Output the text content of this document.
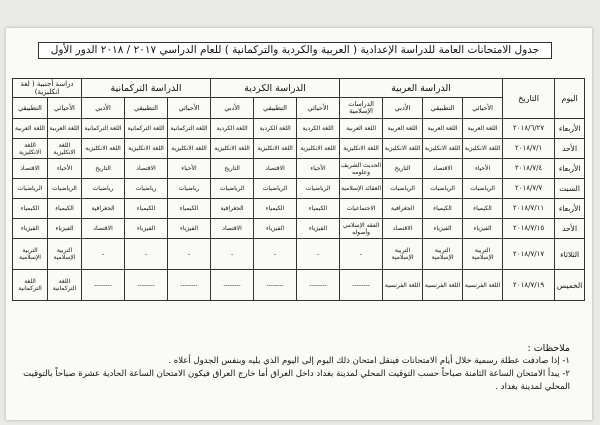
جدول الامتحانات العامة للدراسة الإعدادية ( العربية والكردية والتركمانية ) للعام الدراسي ٢٠١٧ / ٢٠١٨ الدور الأول
اليوم	التاريخ	الدراسة العربية				الدراسة الكردية			الدراسة التركمانية			دراسة أجنبية ( لغة انكليزية)	
		الأحيائي	التطبيقي	الأدبي	الدراسات الإسلامية	الأحيائي	التطبيقي	الأدبي	الأحيائي	التطبيقي	الأدبي	الأحيائي	التطبيقي
الأربعاء	٢٠١٨/٦/٢٧	اللغة العربية	اللغة العربية	اللغة العربية	اللغة العربية	اللغة الكردية	اللغة الكردية	اللغة الكردية	اللغة التركمانية	اللغة التركمانية	اللغة التركمانية	اللغة العربية	اللغة العربية
الأحد	٢٠١٨/٧/١	اللغة الانكليزية	اللغة الانكليزية	اللغة الانكليزية	اللغة الانكليزية	اللغة الانكليزية	اللغة الانكليزية	اللغة الانكليزية	اللغة الانكليزية	اللغة الانكليزية	اللغة الانكليزية	اللغة الانكليزية	اللغة الانكليزية
الأربعاء	٢٠١٨/٧/٤	الأحياء	الاقتصاد	التاريخ	الحديث الشريف وعلومه	الأحياء	الاقتصاد	التاريخ	الأحياء	الاقتصاد	التاريخ	الأحياء	الاقتصاد
السبت	٢٠١٨/٧/٧	الرياضيات	الرياضيات	الرياضيات	العقائد الإسلامية	الرياضيات	الرياضيات	الرياضيات	رياضيات	رياضيات	رياضيات	الرياضيات	الرياضيات
الأربعاء	٢٠١٨/٧/١١	الكيمياء	الكيمياء	الجغرافية	الاجتماعيات	الكيمياء	الكيمياء	الجغرافية	الكيمياء	الكيمياء	الجغرافية	الكيمياء	الكيمياء
الأحد	٢٠١٨/٧/١٥	الفيزياء	الفيزياء	الاقتصاد	الفقه الإسلامي وأصوله	الفيزياء	الفيزياء	الاقتصاد	الفيزياء	الفيزياء	الاقتصاد	الفيزياء	الفيزياء
الثلاثاء	٢٠١٨/٧/١٧	التربية الإسلامية	التربية الإسلامية	التربية الإسلامية	-	-	-	-	-	-	-	التربية الإسلامية	التربية الإسلامية
الخميس	٢٠١٨/٧/١٩	اللغة الفرنسية	اللغة الفرنسية	اللغة الفرنسية	--------	--------	--------	--------	--------	--------	--------	اللغة التركمانية	اللغة التركمانية
ملاحظات :
١- إذا صادفت عطلة رسمية خلال أيام الامتحانات فينقل امتحان ذلك اليوم إلى اليوم الذي يليه وبنفس الجدول أعلاه .
٢- يبدأ الامتحان الساعة الثامنة صباحاً حسب التوقيت المحلي لمدينة بغداد داخل العراق أما خارج العراق فيكون الامتحان الساعة الحادية عشرة صباحاً بالتوقيت المحلي لمدينة بغداد .
